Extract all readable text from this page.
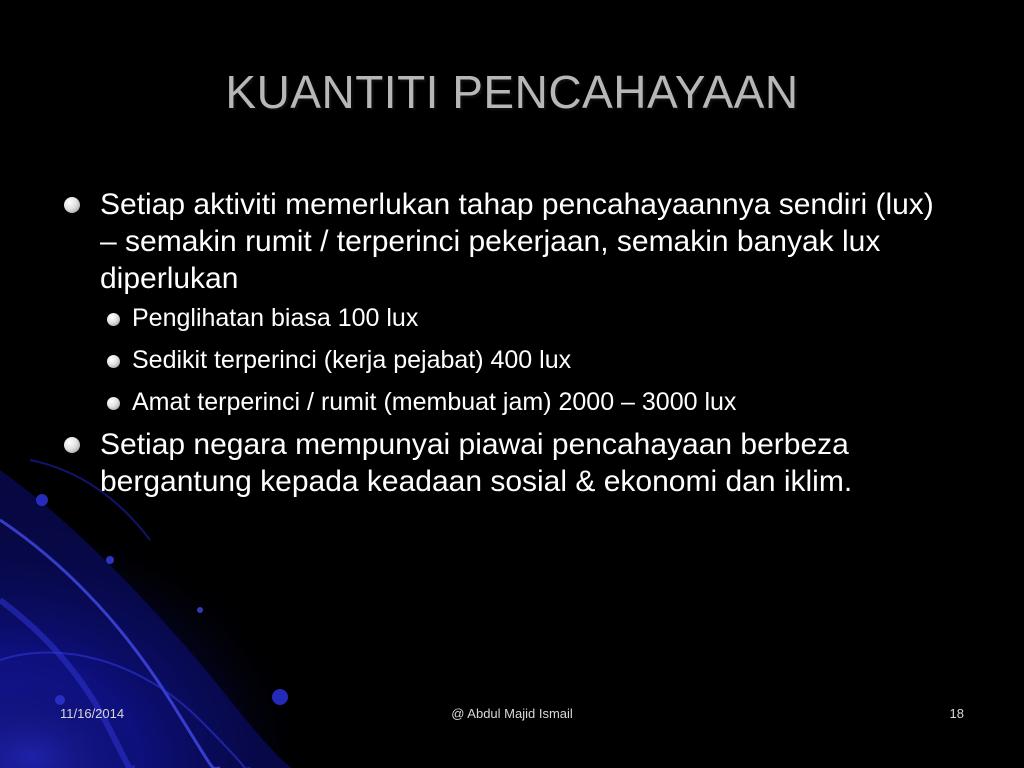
KUANTITI PENCAHAYAAN
Setiap aktiviti memerlukan tahap pencahayaannya sendiri (lux) – semakin rumit / terperinci pekerjaan, semakin banyak lux diperlukan
Penglihatan biasa 100 lux
Sedikit terperinci (kerja pejabat) 400 lux
Amat terperinci / rumit (membuat jam) 2000 – 3000 lux
Setiap negara mempunyai piawai pencahayaan berbeza bergantung kepada keadaan sosial & ekonomi dan iklim.
11/16/2014	@ Abdul Majid Ismail	18
